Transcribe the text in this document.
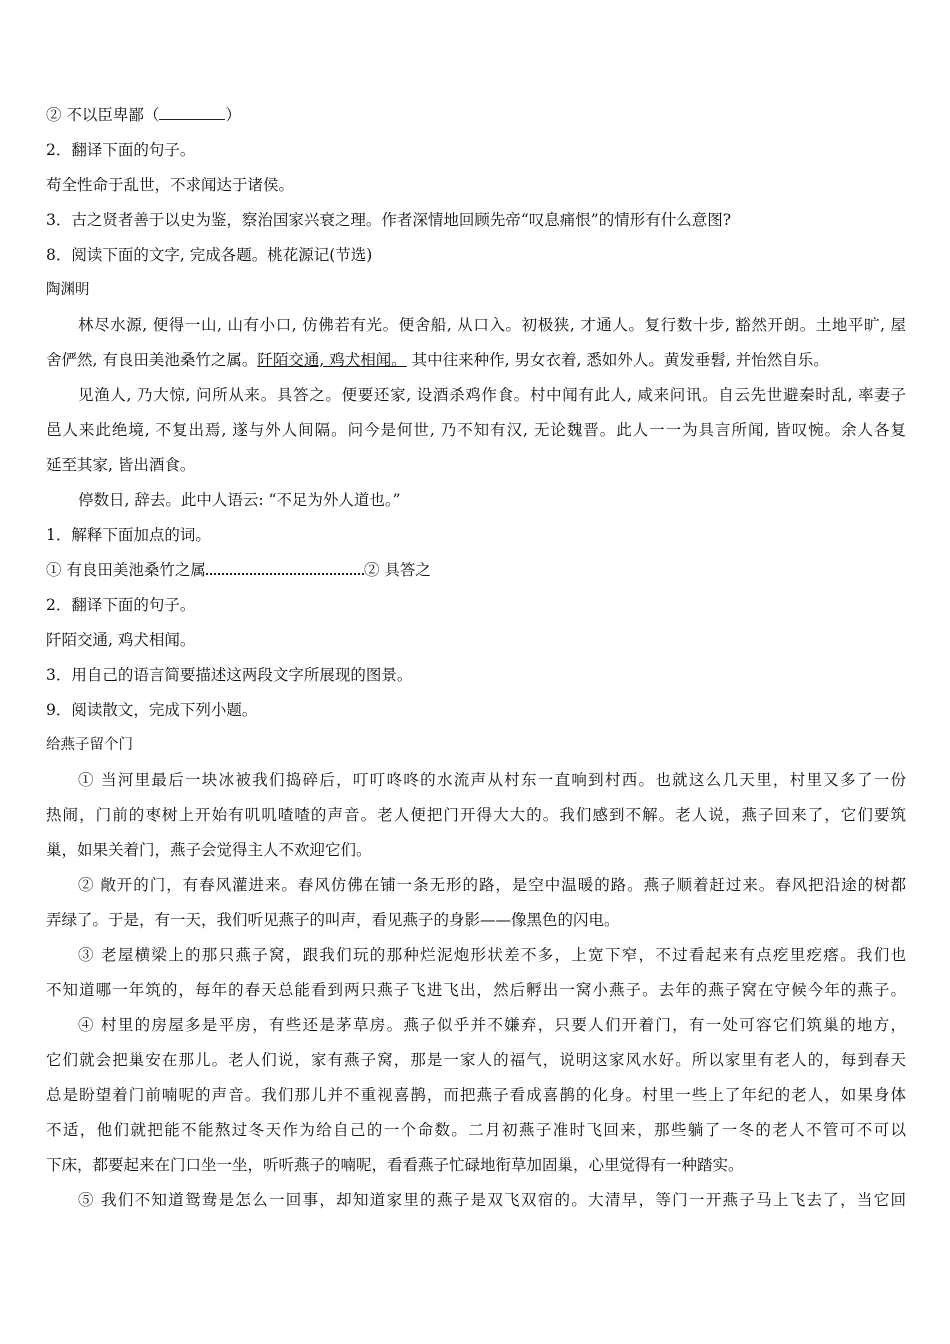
② 不以臣卑鄙（	）
2．翻译下面的句子。
苟全性命于乱世，不求闻达于诸侯。
3．古之贤者善于以史为鉴，察治国家兴衰之理。作者深情地回顾先帝“叹息痛恨”的情形有什么意图?
8．阅读下面的文字, 完成各题。桃花源记(节选)
陶渊明
林尽水源, 便得一山, 山有小口, 仿佛若有光。便舍船, 从口入。初极狭, 才通人。复行数十步, 豁然开朗。土地平旷, 屋
舍俨然, 有良田美池桑竹之属。阡陌交通, 鸡犬相闻。 其中往来种作, 男女衣着, 悉如外人。黄发垂髫, 并怡然自乐。
见渔人, 乃大惊, 问所从来。具答之。便要还家, 设酒杀鸡作食。村中闻有此人, 咸来问讯。自云先世避秦时乱, 率妻子
邑人来此绝境, 不复出焉, 遂与外人间隔。问今是何世, 乃不知有汉, 无论魏晋。此人一一为具言所闻, 皆叹惋。余人各复
延至其家, 皆出酒食。
停数日, 辞去。此中人语云: “不足为外人道也。”
1．解释下面加点的词。
① 有良田美池桑竹之属	② 具答之
2．翻译下面的句子。
阡陌交通, 鸡犬相闻。
3．用自己的语言简要描述这两段文字所展现的图景。
9．阅读散文，完成下列小题。
给燕子留个门
① 当河里最后一块冰被我们捣碎后，叮叮咚咚的水流声从村东一直响到村西。也就这么几天里，村里又多了一份
热闹，门前的枣树上开始有叽叽喳喳的声音。老人便把门开得大大的。我们感到不解。老人说，燕子回来了，它们要筑
巢，如果关着门，燕子会觉得主人不欢迎它们。
② 敞开的门，有春风灌进来。春风仿佛在铺一条无形的路，是空中温暖的路。燕子顺着赶过来。春风把沿途的树都
弄绿了。于是，有一天，我们听见燕子的叫声，看见燕子的身影——像黑色的闪电。
③ 老屋横梁上的那只燕子窝，跟我们玩的那种烂泥炮形状差不多，上宽下窄，不过看起来有点疙里疙瘩。我们也
不知道哪一年筑的，每年的春天总能看到两只燕子飞进飞出，然后孵出一窝小燕子。去年的燕子窝在守候今年的燕子。
④ 村里的房屋多是平房，有些还是茅草房。燕子似乎并不嫌弃，只要人们开着门，有一处可容它们筑巢的地方，
它们就会把巢安在那儿。老人们说，家有燕子窝，那是一家人的福气，说明这家风水好。所以家里有老人的，每到春天
总是盼望着门前喃呢的声音。我们那儿并不重视喜鹊，而把燕子看成喜鹊的化身。村里一些上了年纪的老人，如果身体
不适，他们就把能不能熬过冬天作为给自己的一个命数。二月初燕子准时飞回来，那些躺了一冬的老人不管可不可以
下床，都要起来在门口坐一坐，听听燕子的喃呢，看看燕子忙碌地衔草加固巢，心里觉得有一种踏实。
⑤ 我们不知道鸳鸯是怎么一回事，却知道家里的燕子是双飞双宿的。大清早，等门一开燕子马上飞去了，当它回
